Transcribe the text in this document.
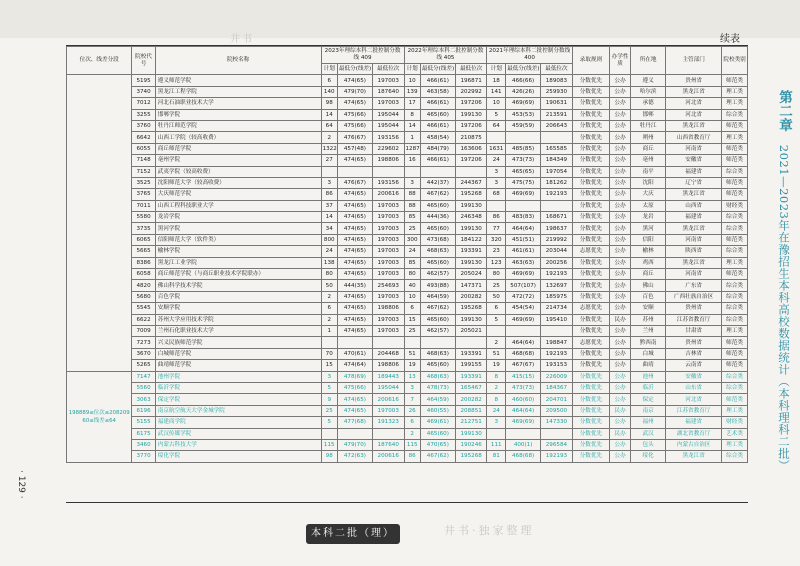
井书	续表
位次、线差分段	院校代号	院校名称	2023年理综本科二批控制分数线 409			2022年理综本科二批控制分数线 405			2021年理综本科二批控制分数线 400			录取规则	办学性质	所在地	主管部门	院校类别
			计划	最低分(线差)	最低位次	计划	最低分(线差)	最低位次	计划	最低分(线差)	最低位次					
	5195	遵义师范学院	6	474(65)	197003	10	466(61)	196871	18	466(66)	189083	分数优先	公办	遵义	贵州省	师范类
	3740	黑龙江工程学院	140	479(70)	187640	139	463(58)	202992	141	426(26)	259930	分数优先	公办	哈尔滨	黑龙江省	理工类
	7012	河北石油职业技术大学	98	474(65)	197003	17	466(61)	197206	10	469(69)	190631	分数优先	公办	承德	河北省	理工类
	3255	邯郸学院	14	475(66)	195044	8	465(60)	199130	5	453(53)	213591	分数优先	公办	邯郸	河北省	综合类
	3760	牡丹江师范学院	64	475(66)	195044	14	466(61)	197206	64	459(59)	206643	分数优先	公办	牡丹江	黑龙江省	师范类
	6642	山西工学院（较高收费）	2	476(67)	193156	1	458(54)	210875				分数优先	公办	朔州	山西省教育厅	理工类
	6055	商丘师范学院	1322	457(48)	229602	1287	484(79)	163606	1631	485(85)	165585	分数优先	公办	商丘	河南省	师范类
	7148	亳州学院	27	474(65)	198806	16	466(61)	197206	24	473(73)	184349	分数优先	公办	亳州	安徽省	师范类
	7152	武夷学院（较高收费）							3	465(65)	197054	分数优先	公办	南平	福建省	综合类
	3525	沈阳师范大学（较高收费）	3	476(67)	193156	3	442(37)	244367	3	475(75)	181262	分数优先	公办	沈阳	辽宁省	师范类
	3765	大庆师范学院	86	474(65)	200616	88	467(62)	195268	68	469(69)	192193	分数优先	公办	大庆	黑龙江省	师范类
	7011	山西工程科技职业大学	37	474(65)	197003	88	465(60)	199130				分数优先	公办	太原	山西省	财经类
	5580	龙岩学院	14	474(65)	197003	85	444(36)	246348	86	483(83)	168671	分数优先	公办	龙岩	福建省	综合类
	3735	黑河学院	34	474(65)	197003	25	465(60)	199130	77	464(64)	198637	分数优先	公办	黑河	黑龙江省	综合类
	6065	信阳师范大学（软件类）	800	474(65)	197003	300	473(68)	184122	320	451(51)	219992	分数优先	公办	信阳	河南省	师范类
	5665	榆林学院	24	474(65)	197003	24	468(63)	193391	23	461(61)	203044	志愿优先	公办	榆林	陕西省	综合类
	8386	黑龙江工业学院	138	474(65)	197003	85	465(60)	199130	123	463(63)	200256	分数优先	公办	鸡西	黑龙江省	理工类
	6058	商丘师范学院（与商丘职业技术学院联办）	80	474(65)	197003	80	462(57)	205024	80	469(69)	192193	分数优先	公办	商丘	河南省	师范类
	4820	佛山科学技术学院	50	444(35)	254693	40	493(88)	147371	25	507(107)	132697	分数优先	公办	佛山	广东省	综合类
	5680	百色学院	2	474(65)	197003	10	464(59)	200282	50	472(72)	185975	分数优先	公办	百色	广西壮族自治区	综合类
	5545	安顺学院	6	474(65)	198806	6	467(62)	195268	6	454(54)	214734	志愿优先	公办	安顺	贵州省	综合类
	6622	苏州大学应用技术学院	2	474(65)	197003	15	465(60)	199130	5	469(69)	195410	分数优先	民办	苏州	江苏省教育厅	综合类
	7009	兰州石化职业技术大学	1	474(65)	197003	25	462(57)	205021				分数优先	公办	兰州	甘肃省	理工类
	7273	兴义民族师范学院							2	464(64)	198847	志愿优先	公办	黔西南	贵州省	师范类
	3670	白城师范学院	70	470(61)	204468	51	468(63)	193391	51	468(68)	192193	分数优先	公办	白城	吉林省	师范类
	5265	曲靖师范学院	15	474(64)	198806	19	465(60)	199155	19	467(67)	193153	分数优先	公办	曲靖	云南省	师范类
198889≤位次≤208209 60≤线差≤64	7147	池州学院	3	478(69)	189443	13	468(63)	193391	8	415(15)	226009	分数优先	公办	池州	安徽省	综合类
	5560	临沂学院	5	475(66)	195044	3	478(73)	165467	2	473(73)	184367	分数优先	公办	临沂	山东省	综合类
	3063	保定学院	9	474(65)	200616	7	464(59)	200282	8	460(60)	204701	分数优先	公办	保定	河北省	师范类
	6196	南京航空航天大学金城学院	25	474(65)	197003	26	460(55)	208851	24	464(64)	209500	分数优先	民办	南京	江苏省教育厅	理工类
	5155	福建商学院	5	477(68)	191323	6	469(61)	212751	3	469(69)	147330	分数优先	公办	福州	福建省	财经类
	6175	武汉传媒学院				2	465(60)	199130				分数优先	民办	武汉	湖北省教育厅	艺术类
	3460	内蒙古科技大学	115	479(70)	187640	115	470(65)	190246	111	400(1)	296584	分数优先	公办	包头	内蒙古自治区	理工类
	3770	绥化学院	98	472(63)	200616	86	467(62)	195268	81	468(68)	192193	分数优先	公办	绥化	黑龙江省	综合类
第二章 2021—2023年在豫招生本科高校数据统计（本科理科二批）
· 129 ·
本科二批（理）	井书·独家整理
